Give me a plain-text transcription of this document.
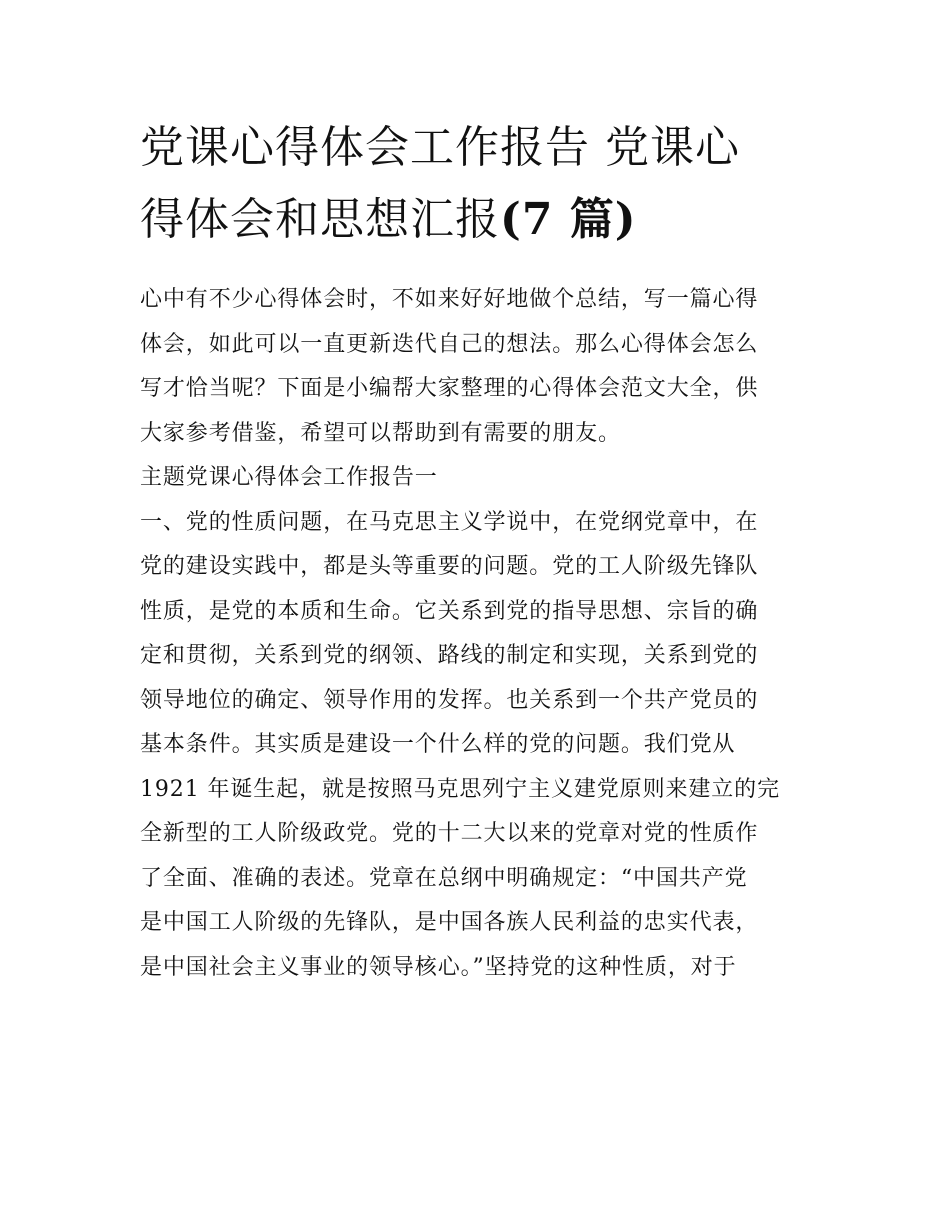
党课心得体会工作报告 党课心
得体会和思想汇报(7 篇)

心中有不少心得体会时，不如来好好地做个总结，写一篇心得
体会，如此可以一直更新迭代自己的想法。那么心得体会怎么
写才恰当呢？下面是小编帮大家整理的心得体会范文大全，供
大家参考借鉴，希望可以帮助到有需要的朋友。

主题党课心得体会工作报告一

一、党的性质问题，在马克思主义学说中，在党纲党章中，在
党的建设实践中，都是头等重要的问题。党的工人阶级先锋队
性质，是党的本质和生命。它关系到党的指导思想、宗旨的确
定和贯彻，关系到党的纲领、路线的制定和实现，关系到党的
领导地位的确定、领导作用的发挥。也关系到一个共产党员的
基本条件。其实质是建设一个什么样的党的问题。我们党从
1921 年诞生起，就是按照马克思列宁主义建党原则来建立的完
全新型的工人阶级政党。党的十二大以来的党章对党的性质作
了全面、准确的表述。党章在总纲中明确规定：“中国共产党
是中国工人阶级的先锋队，是中国各族人民利益的忠实代表，
是中国社会主义事业的领导核心。”坚持党的这种性质，对于
